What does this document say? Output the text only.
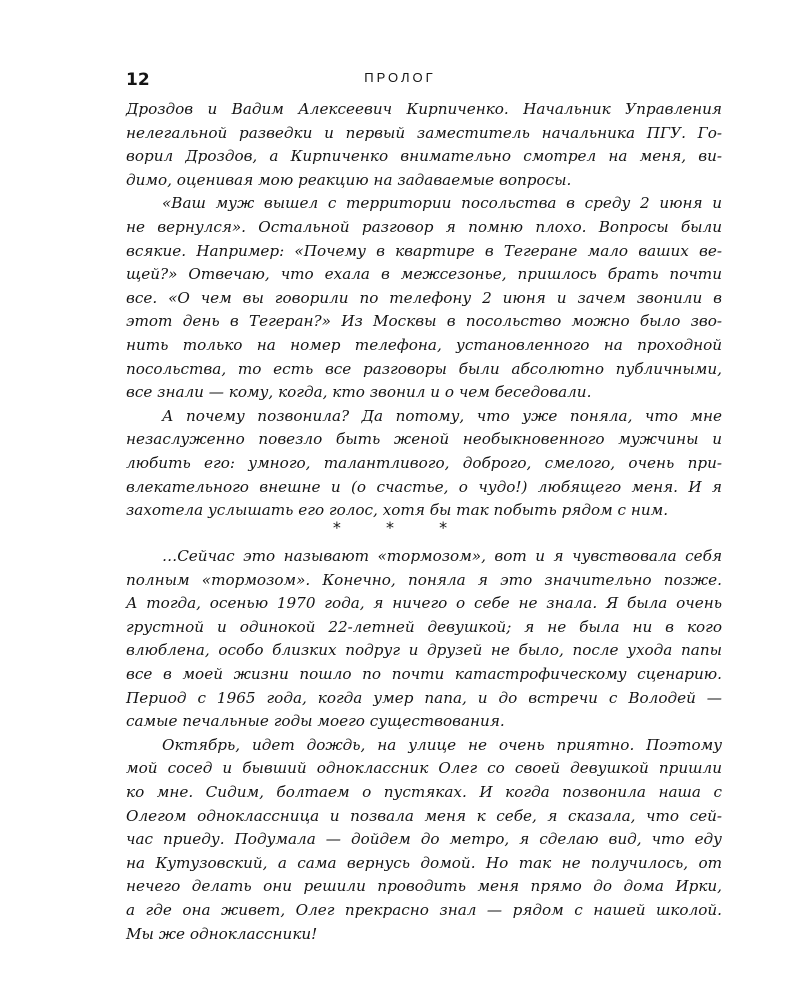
12	ПРОЛОГ
Дроздов и Вадим Алексеевич Кирпиченко. Начальник Управления
нелегальной разведки и первый заместитель начальника ПГУ. Го-
ворил Дроздов, а Кирпиченко внимательно смотрел на меня, ви-
димо, оценивая мою реакцию на задаваемые вопросы.
«Ваш муж вышел с территории посольства в среду 2 июня и
не вернулся». Остальной разговор я помню плохо. Вопросы были
всякие. Например: «Почему в квартире в Тегеране мало ваших ве-
щей?» Отвечаю, что ехала в межсезонье, пришлось брать почти
все. «О чем вы говорили по телефону 2 июня и зачем звонили в
этот день в Тегеран?» Из Москвы в посольство можно было зво-
нить только на номер телефона, установленного на проходной
посольства, то есть все разговоры были абсолютно публичными,
все знали — кому, когда, кто звонил и о чем беседовали.
А почему позвонила? Да потому, что уже поняла, что мне
незаслуженно повезло быть женой необыкновенного мужчины и
любить его: умного, талантливого, доброго, смелого, очень при-
влекательного внешне и (о счастье, о чудо!) любящего меня. И я
захотела услышать его голос, хотя бы так побыть рядом с ним.
* * *
…Сейчас это называют «тормозом», вот и я чувствовала себя
полным «тормозом». Конечно, поняла я это значительно позже.
А тогда, осенью 1970 года, я ничего о себе не знала. Я была очень
грустной и одинокой 22-летней девушкой; я не была ни в кого
влюблена, особо близких подруг и друзей не было, после ухода папы
все в моей жизни пошло по почти катастрофическому сценарию.
Период с 1965 года, когда умер папа, и до встречи с Володей —
самые печальные годы моего существования.
Октябрь, идет дождь, на улице не очень приятно. Поэтому
мой сосед и бывший одноклассник Олег со своей девушкой пришли
ко мне. Сидим, болтаем о пустяках. И когда позвонила наша с
Олегом одноклассница и позвала меня к себе, я сказала, что сей-
час приеду. Подумала — дойдем до метро, я сделаю вид, что еду
на Кутузовский, а сама вернусь домой. Но так не получилось, от
нечего делать они решили проводить меня прямо до дома Ирки,
а где она живет, Олег прекрасно знал — рядом с нашей школой.
Мы же одноклассники!
